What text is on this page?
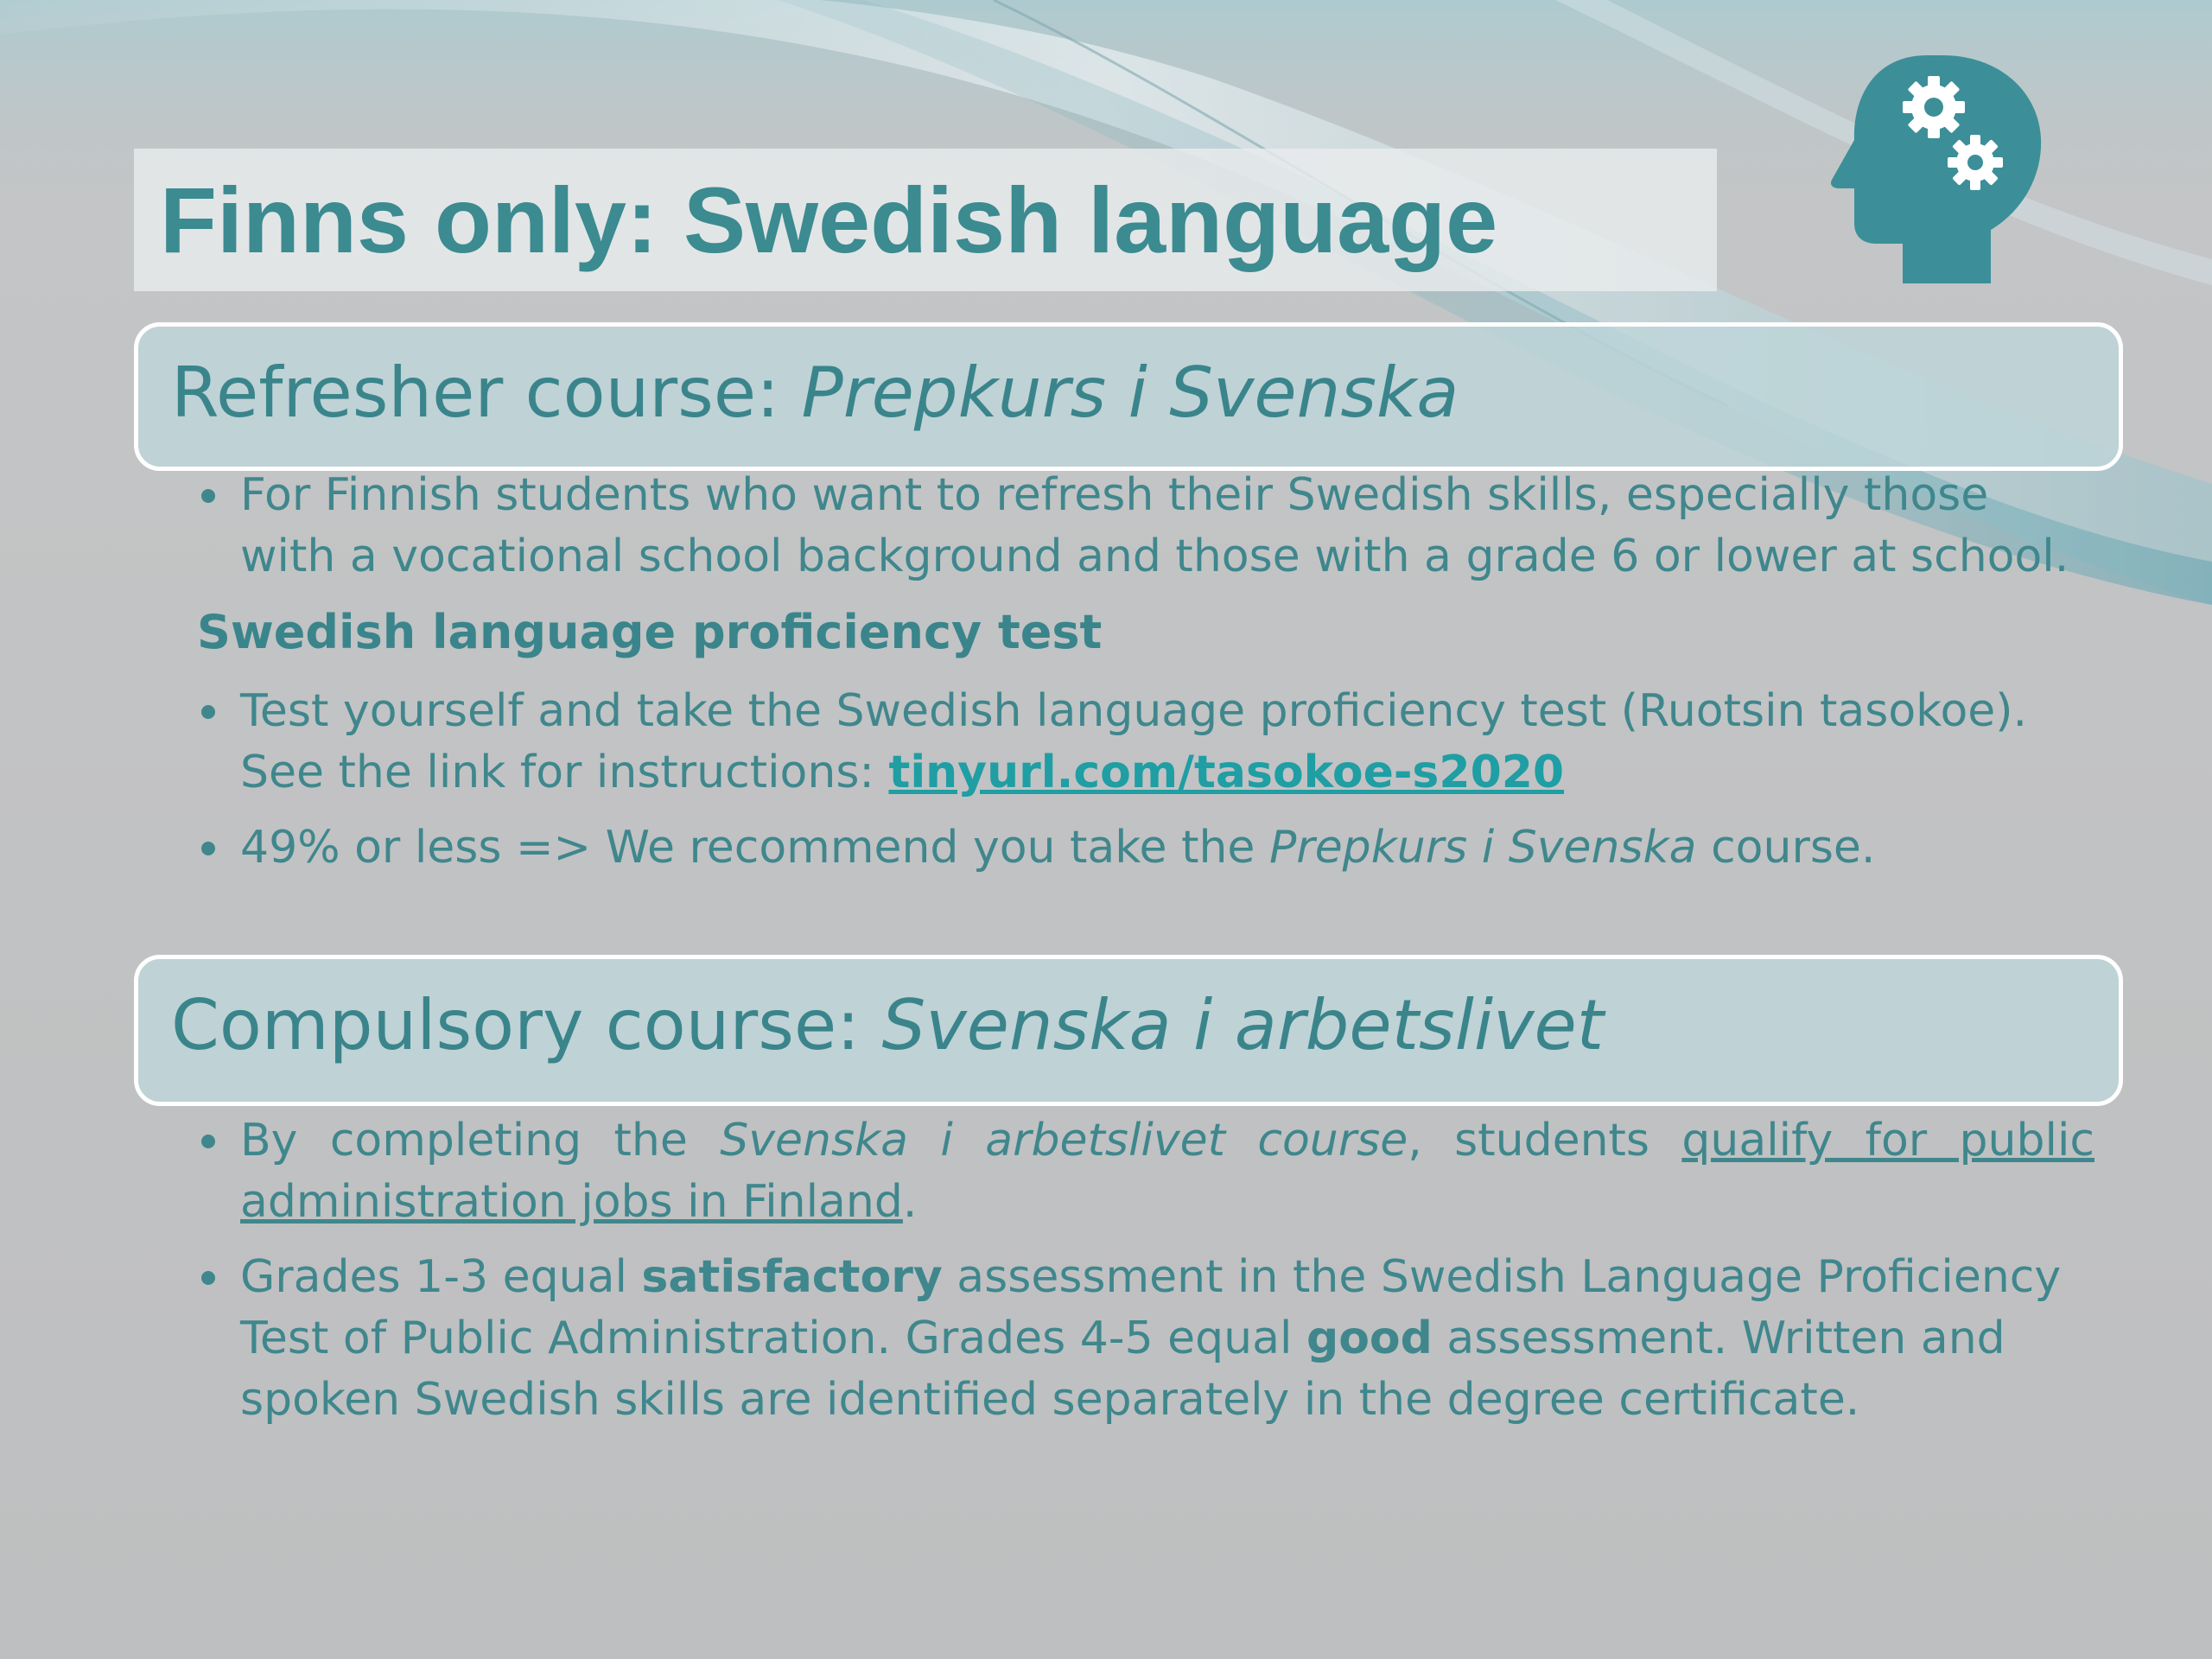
Finns only: Swedish language
Refresher course: Prepkurs i Svenska
For Finnish students who want to refresh their Swedish skills, especially those with a vocational school background and those with a grade 6 or lower at school.
Swedish language proficiency test
Test yourself and take the Swedish language proficiency test (Ruotsin tasokoe). See the link for instructions: tinyurl.com/tasokoe-s2020
49% or less => We recommend you take the Prepkurs i Svenska course.
Compulsory course: Svenska i arbetslivet
By completing the Svenska i arbetslivet course, students qualify for public administration jobs in Finland.
Grades 1-3 equal satisfactory assessment in the Swedish Language Proficiency Test of Public Administration. Grades 4-5 equal good assessment. Written and spoken Swedish skills are identified separately in the degree certificate.
